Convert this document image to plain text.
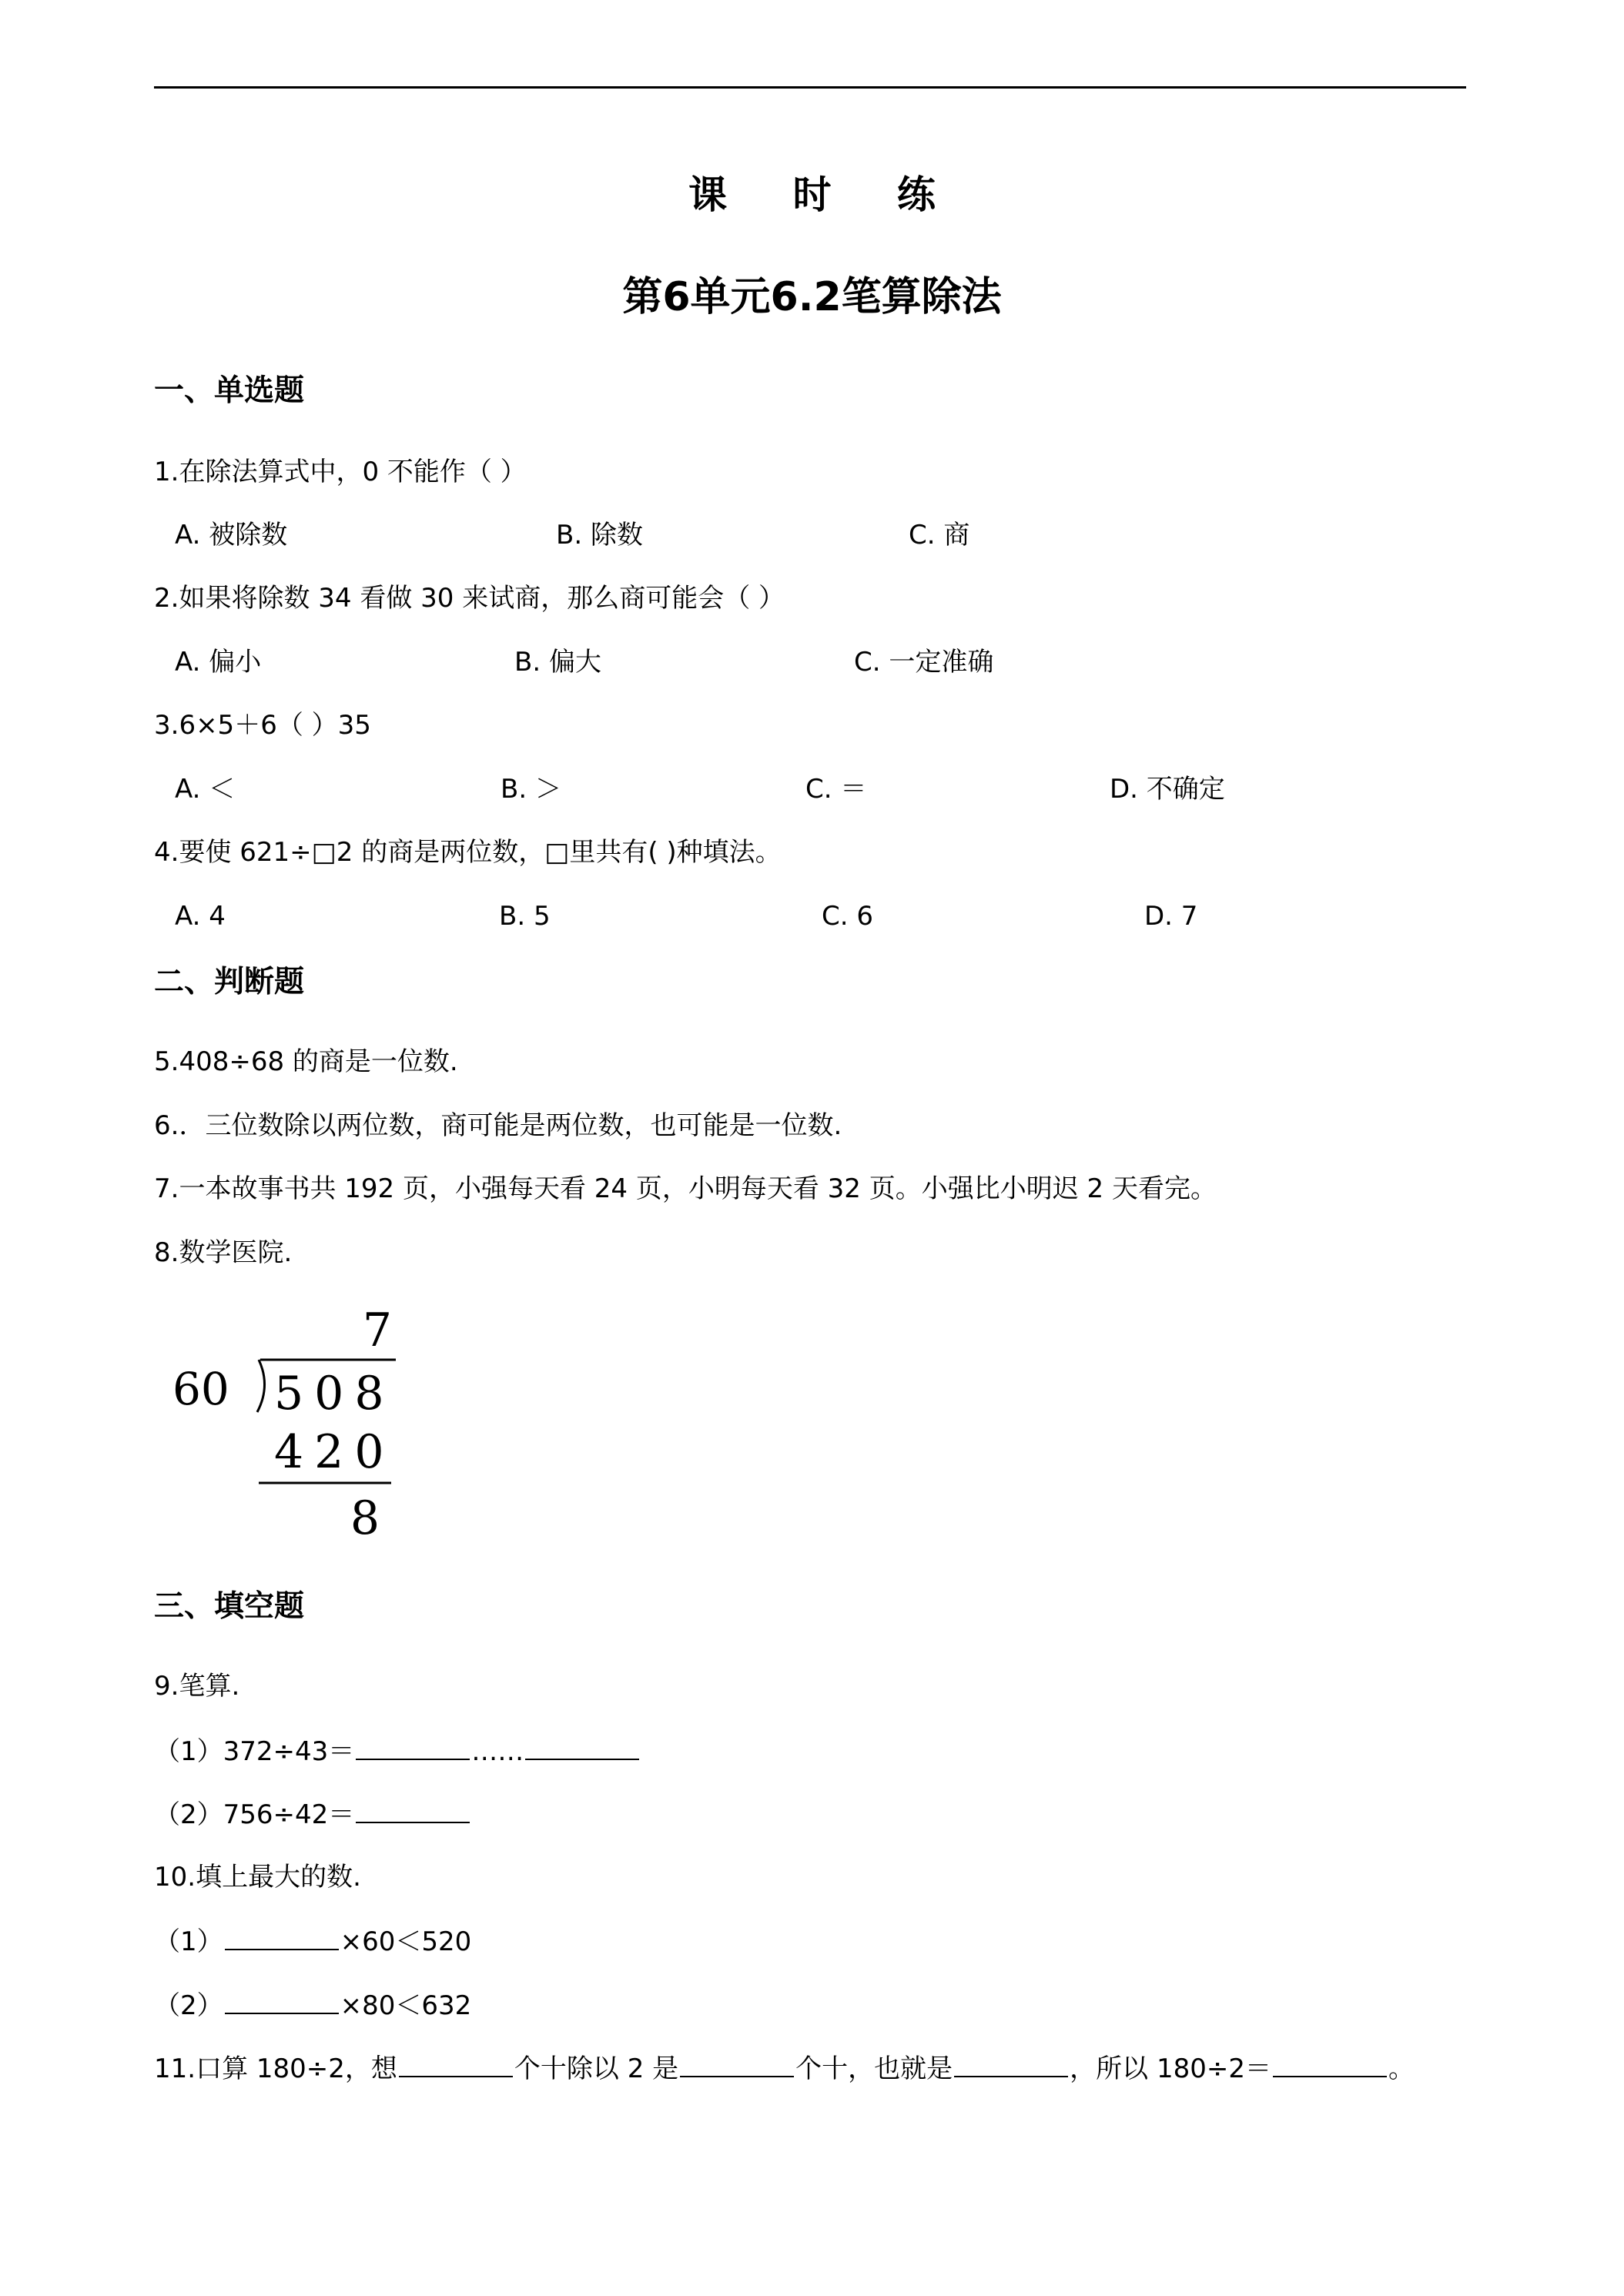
课 时 练
第6单元6.2笔算除法
一、单选题
1.在除法算式中，0 不能作（ ）
A. 被除数	B. 除数	C. 商
2.如果将除数 34 看做 30 来试商，那么商可能会（ ）
A. 偏小	B. 偏大	C. 一定准确
3.6×5＋6（ ）35
A. ＜	B. ＞	C. ＝	D. 不确定
4.要使 621÷□2 的商是两位数，□里共有( )种填法。
A. 4	B. 5	C. 6	D. 7
二、判断题
5.408÷68 的商是一位数.
6.．三位数除以两位数，商可能是两位数，也可能是一位数.
7.一本故事书共 192 页，小强每天看 24 页，小明每天看 32 页。小强比小明迟 2 天看完。
8.数学医院.
7
60 508
420
8
三、填空题
9.笔算.
（1）372÷43＝	……
（2）756÷42＝
10.填上最大的数.
（1）	×60＜520
（2）	×80＜632
11.口算 180÷2，想	个十除以 2 是	个十，也就是	，所以 180÷2＝	。
